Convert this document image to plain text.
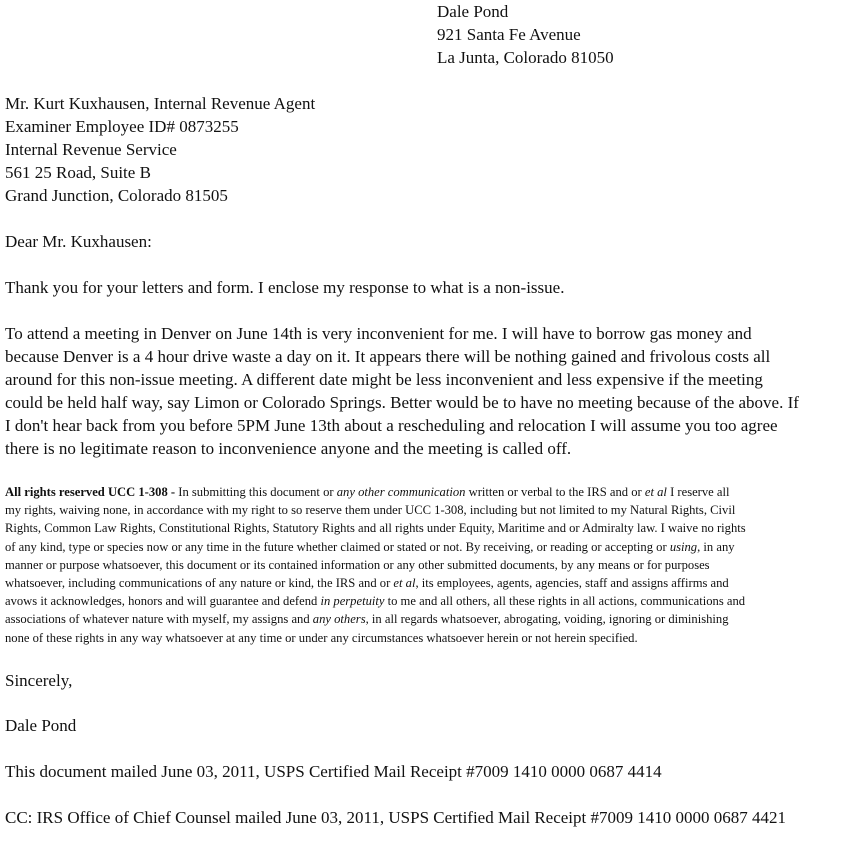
Dale Pond
921 Santa Fe Avenue
La Junta, Colorado 81050
Mr. Kurt Kuxhausen, Internal Revenue Agent
Examiner Employee ID# 0873255
Internal Revenue Service
561 25 Road, Suite B
Grand Junction, Colorado 81505
Dear Mr. Kuxhausen:
Thank you for your letters and form. I enclose my response to what is a non-issue.
To attend a meeting in Denver on June 14th is very inconvenient for me. I will have to borrow gas money and
because Denver is a 4 hour drive waste a day on it. It appears there will be nothing gained and frivolous costs all
around for this non-issue meeting. A different date might be less inconvenient and less expensive if the meeting
could be held half way, say Limon or Colorado Springs. Better would be to have no meeting because of the above. If
I don't hear back from you before 5PM June 13th about a rescheduling and relocation I will assume you too agree
there is no legitimate reason to inconvenience anyone and the meeting is called off.
All rights reserved UCC 1-308 - In submitting this document or any other communication written or verbal to the IRS and or et al I reserve all
my rights, waiving none, in accordance with my right to so reserve them under UCC 1-308, including but not limited to my Natural Rights, Civil
Rights, Common Law Rights, Constitutional Rights, Statutory Rights and all rights under Equity, Maritime and or Admiralty law. I waive no rights
of any kind, type or species now or any time in the future whether claimed or stated or not. By receiving, or reading or accepting or using, in any
manner or purpose whatsoever, this document or its contained information or any other submitted documents, by any means or for purposes
whatsoever, including communications of any nature or kind, the IRS and or et al, its employees, agents, agencies, staff and assigns affirms and
avows it acknowledges, honors and will guarantee and defend in perpetuity to me and all others, all these rights in all actions, communications and
associations of whatever nature with myself, my assigns and any others, in all regards whatsoever, abrogating, voiding, ignoring or diminishing
none of these rights in any way whatsoever at any time or under any circumstances whatsoever herein or not herein specified.
Sincerely,
Dale Pond
This document mailed June 03, 2011, USPS Certified Mail Receipt #7009 1410 0000 0687 4414
CC: IRS Office of Chief Counsel mailed June 03, 2011, USPS Certified Mail Receipt #7009 1410 0000 0687 4421
